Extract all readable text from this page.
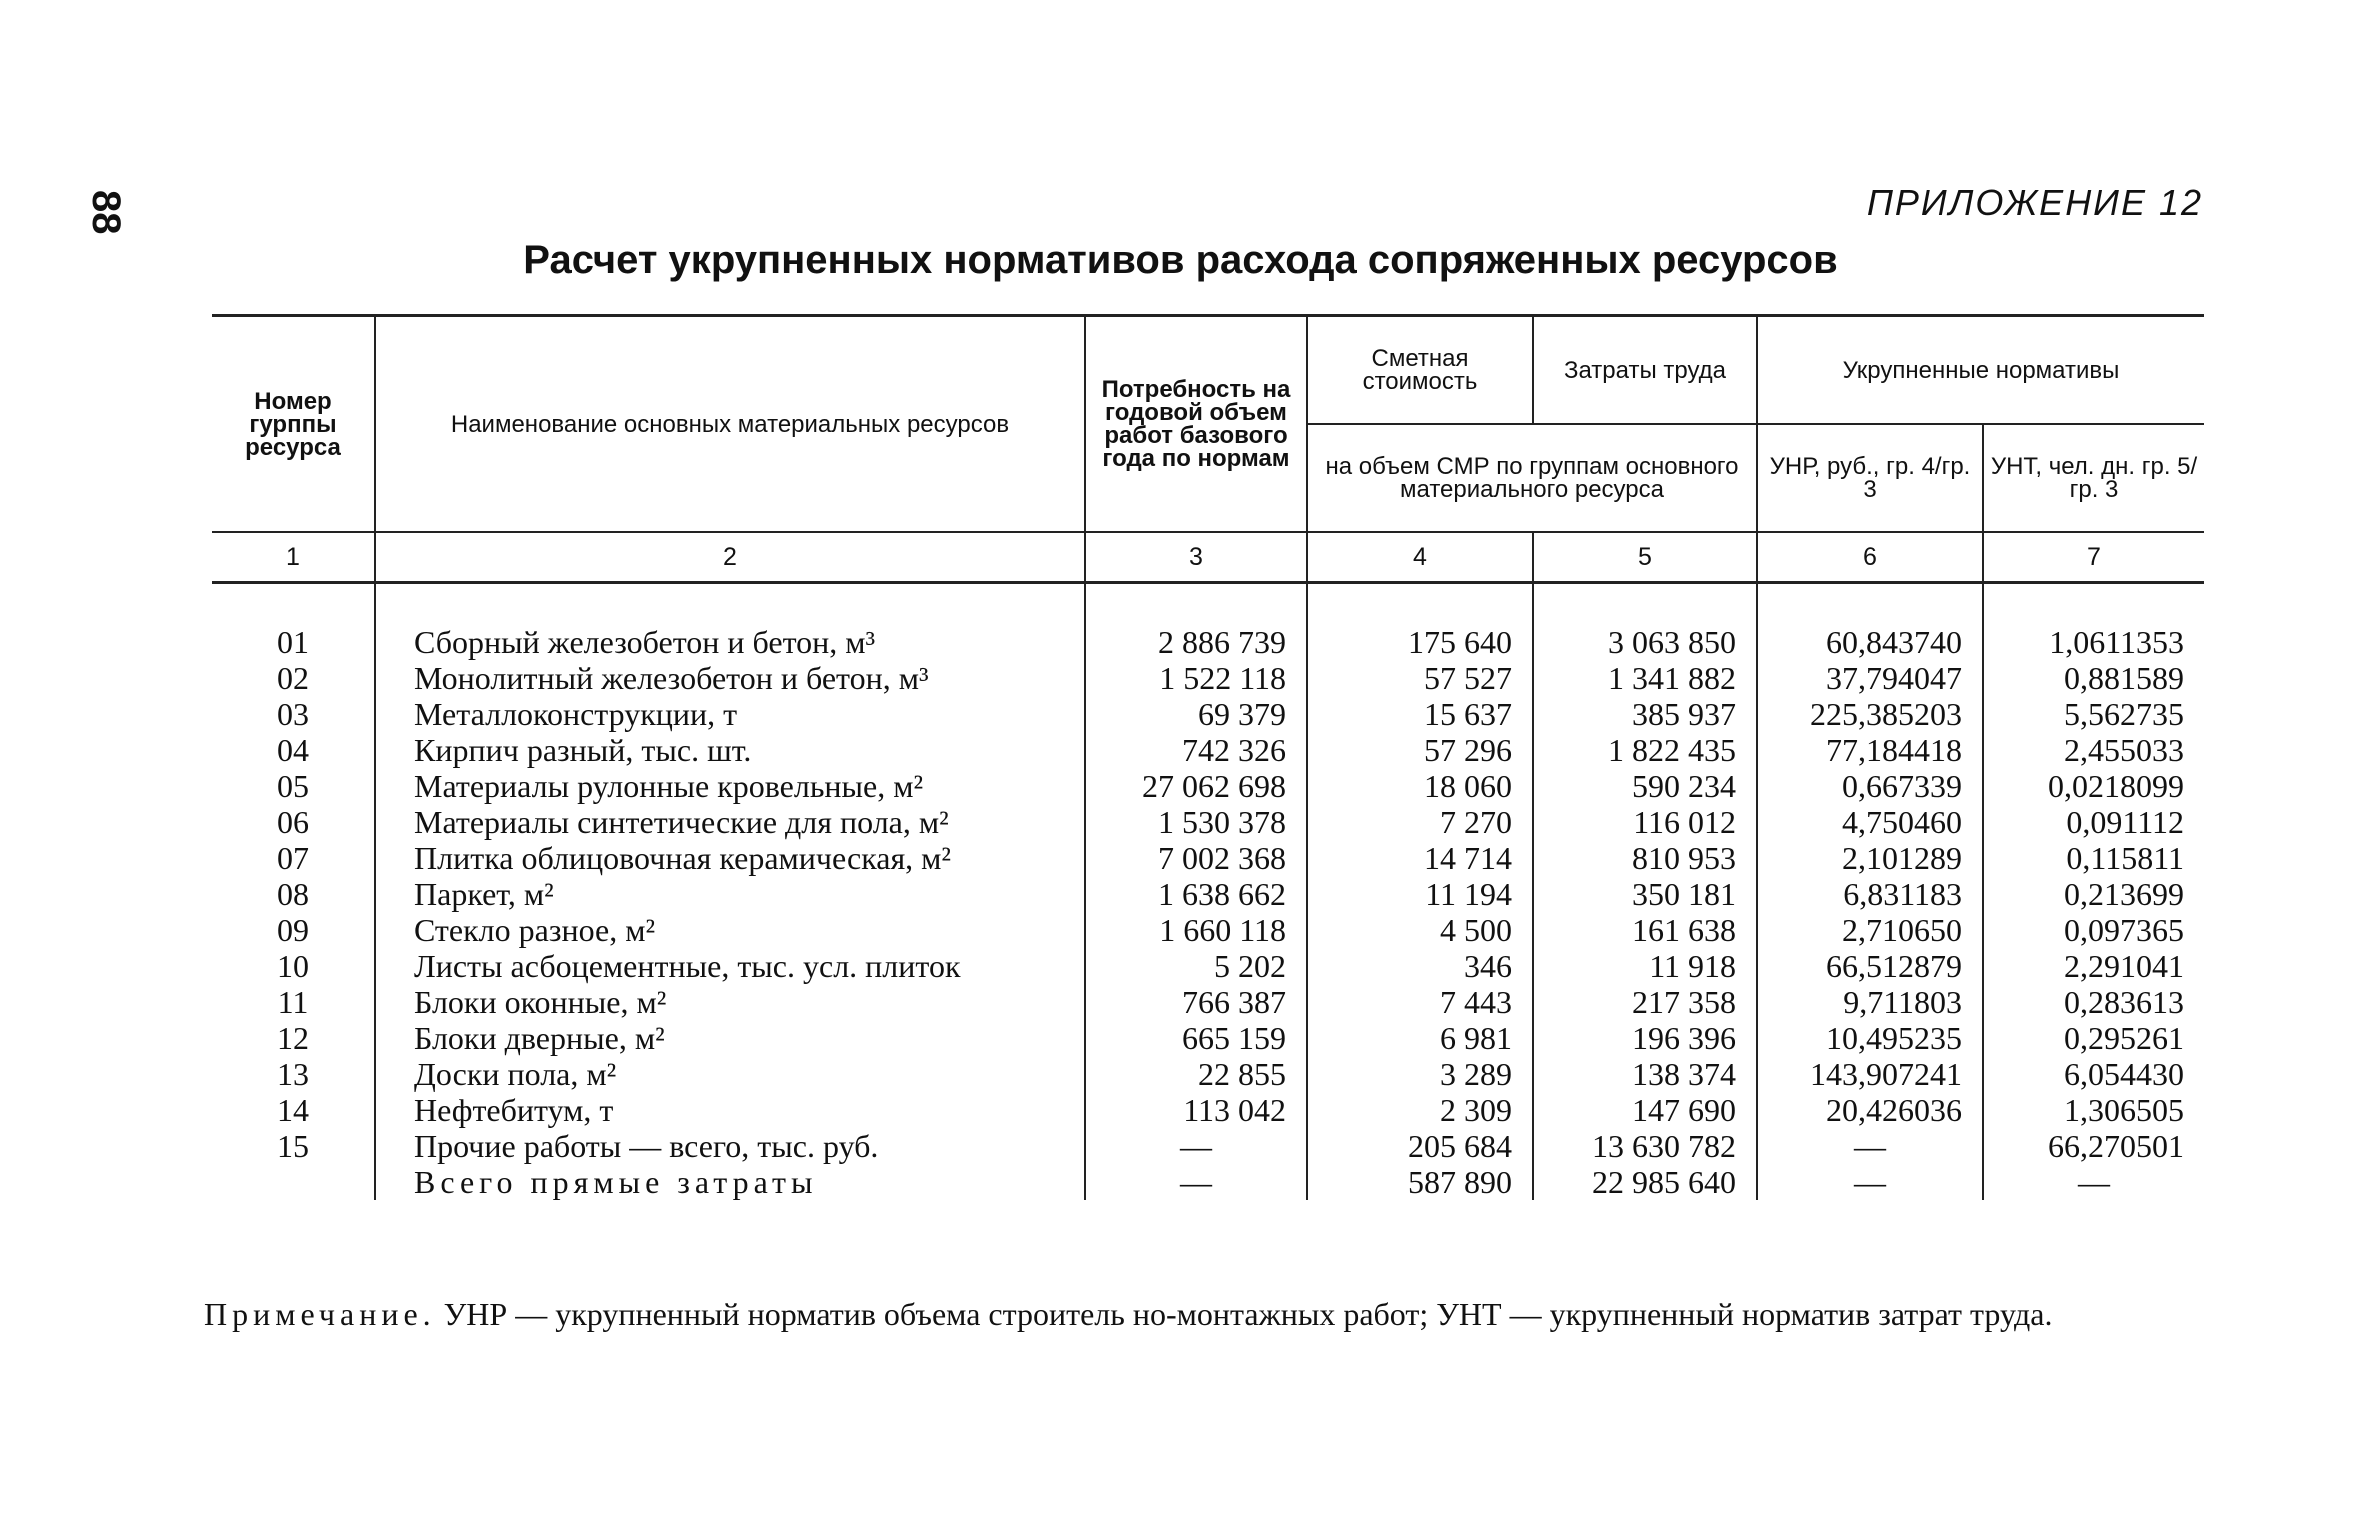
88	ПРИЛОЖЕНИЕ 12
Расчет укрупненных нормативов расхода сопряженных ресурсов
Номер гурппы ресурса	Наименование основных материальных ресурсов	Потребность на годовой объем работ базового года по нормам	Сметная стоимость	Затраты труда	Укрупненные нормативы	
			на объем СМР по группам основного материального ресурса		УНР, руб., гр. 4/гр. 3	УНТ, чел. дн. гр. 5/гр. 3
1	2	3	4	5	6	7

01	Сборный железобетон и бетон, м³	2 886 739	175 640	3 063 850	60,843740	1,0611353
02	Монолитный железобетон и бетон, м³	1 522 118	57 527	1 341 882	37,794047	0,881589
03	Металлоконструкции, т	69 379	15 637	385 937	225,385203	5,562735
04	Кирпич разный, тыс. шт.	742 326	57 296	1 822 435	77,184418	2,455033
05	Материалы рулонные кровельные, м²	27 062 698	18 060	590 234	0,667339	0,0218099
06	Материалы синтетические для пола, м²	1 530 378	7 270	116 012	4,750460	0,091112
07	Плитка облицовочная керамическая, м²	7 002 368	14 714	810 953	2,101289	0,115811
08	Паркет, м²	1 638 662	11 194	350 181	6,831183	0,213699
09	Стекло разное, м²	1 660 118	4 500	161 638	2,710650	0,097365
10	Листы асбоцементные, тыс. усл. плиток	5 202	346	11 918	66,512879	2,291041
11	Блоки оконные, м²	766 387	7 443	217 358	9,711803	0,283613
12	Блоки дверные, м²	665 159	6 981	196 396	10,495235	0,295261
13	Доски пола, м²	22 855	3 289	138 374	143,907241	6,054430
14	Нефтебитум, т	113 042	2 309	147 690	20,426036	1,306505
15	Прочие работы — всего, тыс. руб.	—	205 684	13 630 782	—	66,270501
	Всего прямые затраты	—	587 890	22 985 640	—	—
Примечание. УНР — укрупненный норматив объема строитель но-монтажных работ; УНТ — укрупненный норматив затрат труда.
